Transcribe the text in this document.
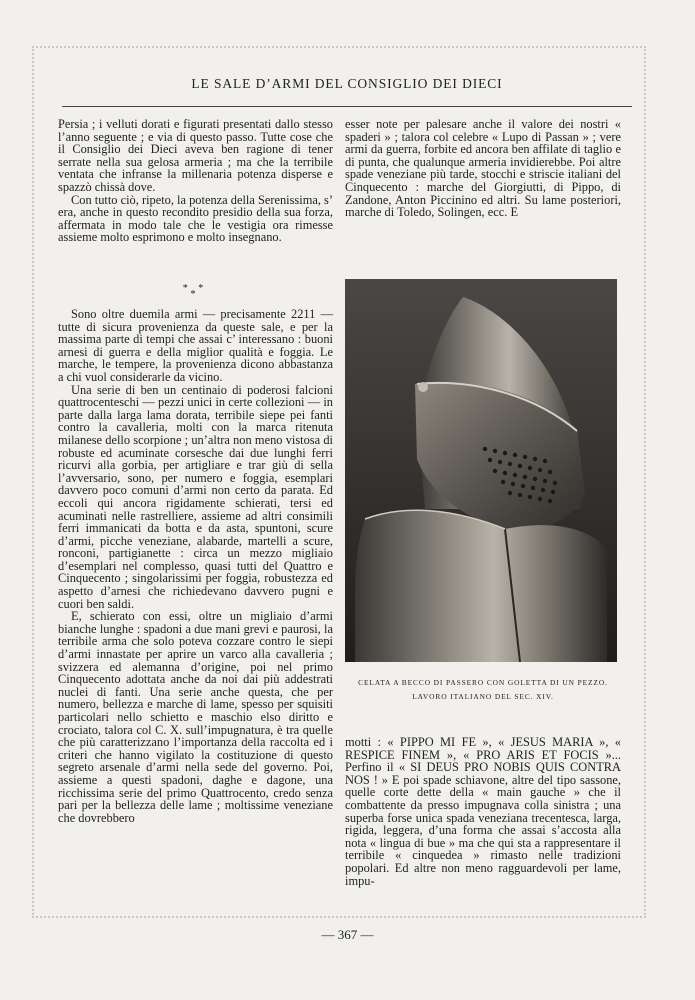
LE SALE D’ARMI DEL CONSIGLIO DEI DIECI

Persia ; i velluti dorati e figurati presentati dallo stesso l’anno seguente ; e via di questo passo. Tutte cose che il Consiglio dei Dieci aveva ben ragione di tener serrate nella sua gelosa armeria ; ma che la terribile ventata che infranse la millenaria potenza disperse e spazzò chissà dove.

Con tutto ciò, ripeto, la potenza della Serenissima, s’ era, anche in questo recondito presidio della sua forza, affermata in modo tale che le vestigia ora rimesse assieme molto esprimono e molto insegnano.

* * *

Sono oltre duemila armi — precisamente 2211 — tutte di sicura provenienza da queste sale, e per la massima parte di tempi che assai c’ interessano : buoni arnesi di guerra e della miglior qualità e foggia. Le marche, le tempere, la provenienza dicono abbastanza a chi vuol considerarle da vicino.

Una serie di ben un centinaio di poderosi falcioni quattrocenteschi — pezzi unici in certe collezioni — in parte dalla larga lama dorata, terribile siepe pei fanti contro la cavalleria, molti con la marca ritenuta milanese dello scorpione ; un’altra non meno vistosa di robuste ed acuminate corsesche dai due lunghi ferri ricurvi alla gorbia, per artigliare e trar giù di sella l’avversario, sono, per numero e foggia, esemplari davvero poco comuni d’armi non certo da parata. Ed eccoli qui ancora rigidamente schierati, tersi ed acuminati nelle rastrelliere, assieme ad altri consimili ferri immanicati da botta e da asta, spuntoni, scure d’armi, picche veneziane, alabarde, martelli a scure, ronconi, partigianette : circa un mezzo migliaio d’esemplari nel complesso, quasi tutti del Quattro e Cinquecento ; singolarissimi per foggia, robustezza ed aspetto d’arnesi che richiedevano davvero pugni e cuori ben saldi.

E, schierato con essi, oltre un migliaio d’armi bianche lunghe : spadoni a due mani grevi e paurosi, la terribile arma che solo poteva cozzare contro le siepi d’armi innastate per aprire un varco alla cavalleria ; svizzera ed alemanna d’origine, poi nel primo Cinquecento adottata anche da noi dai più addestrati nuclei di fanti. Una serie anche questa, che per numero, bellezza e marche di lame, spesso per squisiti particolari nello schietto e maschio elso diritto e crociato, talora col C. X. sull’impugnatura, è tra quelle che più caratterizzano l’importanza della raccolta ed i criteri che hanno vigilato la costituzione di questo segreto arsenale d’armi nella sede del governo. Poi, assieme a questi spadoni, daghe e dagone, una ricchissima serie del primo Quattrocento, credo senza pari per la bellezza delle lame ; moltissime veneziane che dovrebbero

esser note per palesare anche il valore dei nostri « spaderi » ; talora col celebre « Lupo di Passan » ; vere armi da guerra, forbite ed ancora ben affilate di taglio e di punta, che qualunque armeria invidierebbe. Poi altre spade veneziane più tarde, stocchi e striscie italiani del Cinquecento : marche del Giorgiutti, di Pippo, di Zandone, Anton Piccinino ed altri. Su lame posteriori, marche di Toledo, Solingen, ecc. E

CELATA A BECCO DI PASSERO CON GOLETTA DI UN PEZZO.
LAVORO ITALIANO DEL SEC. XIV.

motti : « PIPPO MI FE », « JESUS MARIA », « RESPICE FINEM », « PRO ARIS ET FOCIS »... Perfino il « SI DEUS PRO NOBIS QUIS CONTRA NOS ! » E poi spade schiavone, altre del tipo sassone, quelle corte dette della « main gauche » che il combattente da presso impugnava colla sinistra ; una superba forse unica spada veneziana trecentesca, larga, rigida, leggera, d’una forma che assai s’accosta alla nota « lingua di bue » ma che qui sta a rappresentare il terribile « cinquedea » rimasto nelle tradizioni popolari. Ed altre non meno ragguardevoli per lame, impu-

— 367 —
